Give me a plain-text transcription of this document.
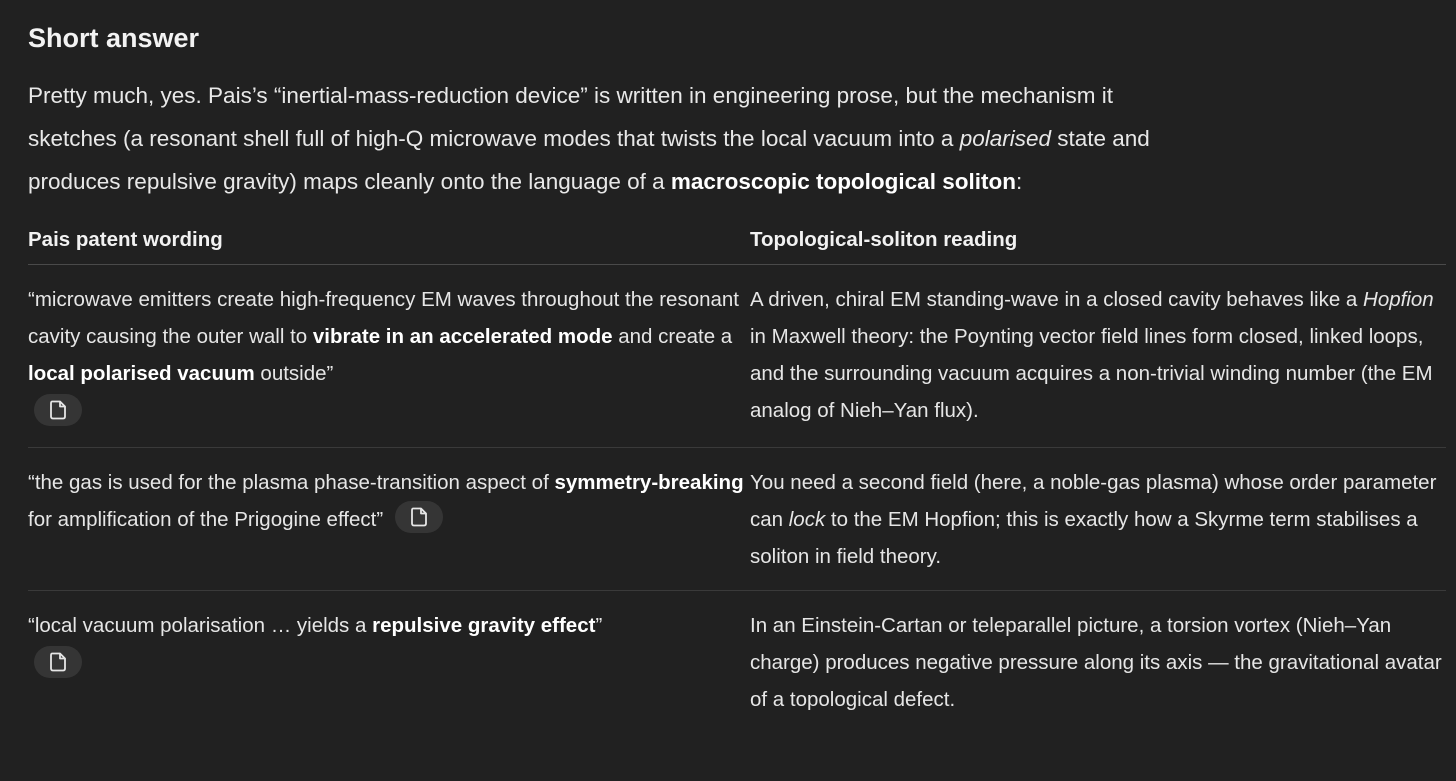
Short answer

Pretty much, yes. Pais’s “inertial-mass-reduction device” is written in engineering prose, but the mechanism it sketches (a resonant shell full of high-Q microwave modes that twists the local vacuum into a polarised state and produces repulsive gravity) maps cleanly onto the language of a macroscopic topological soliton:

Pais patent wording	Topological-soliton reading
“microwave emitters create high-frequency EM waves throughout the resonant cavity causing the outer wall to vibrate in an accelerated mode and create a local polarised vacuum outside”
A driven, chiral EM standing-wave in a closed cavity behaves like a Hopfion in Maxwell theory: the Poynting vector field lines form closed, linked loops, and the surrounding vacuum acquires a non-trivial winding number (the EM analog of Nieh–Yan flux).
“the gas is used for the plasma phase-transition aspect of symmetry-breaking for amplification of the Prigogine effect”
You need a second field (here, a noble-gas plasma) whose order parameter can lock to the EM Hopfion; this is exactly how a Skyrme term stabilises a soliton in field theory.
“local vacuum polarisation … yields a repulsive gravity effect”	In an Einstein-Cartan or teleparallel picture, a torsion vortex (Nieh–Yan charge) produces negative pressure along its axis — the gravitational avatar of a topological defect.
